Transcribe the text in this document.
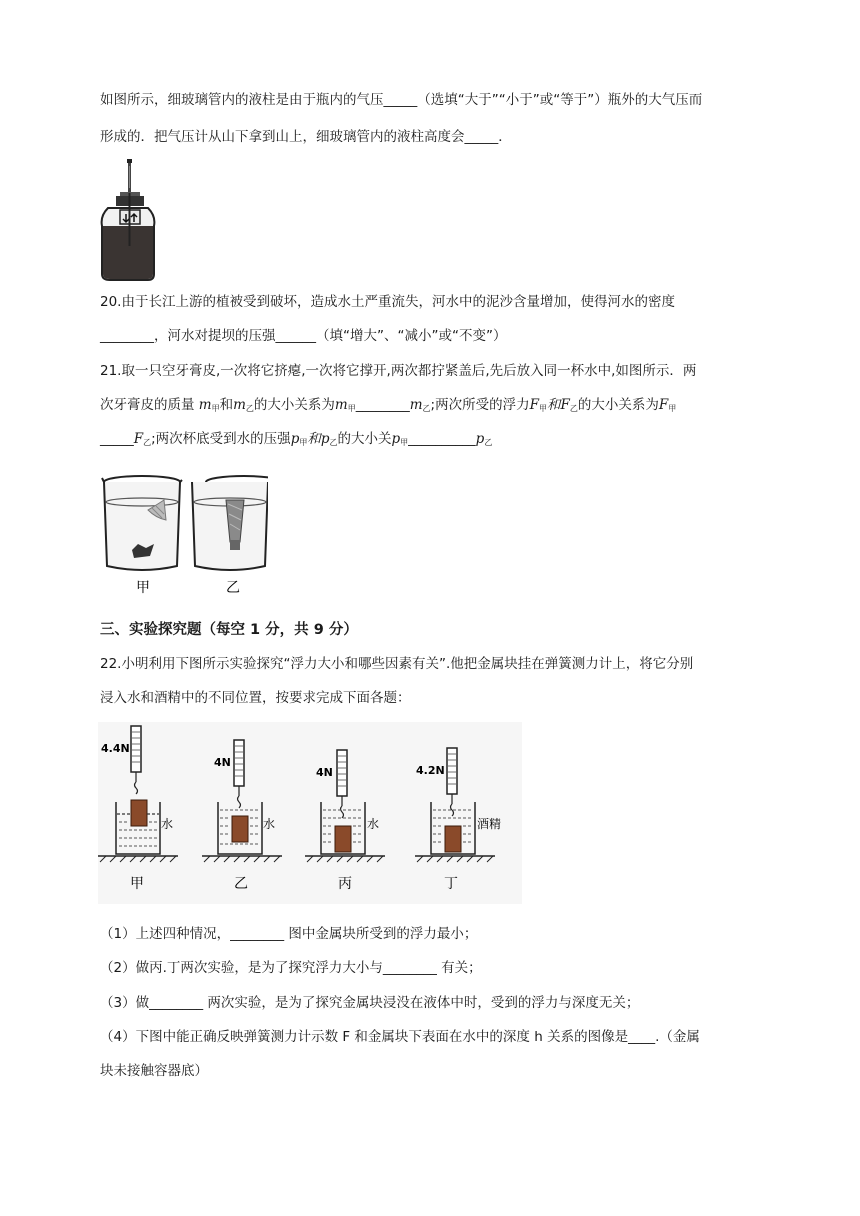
如图所示，细玻璃管内的液柱是由于瓶内的气压_____（选填“大于”“小于”或“等于”）瓶外的大气压而
形成的．把气压计从山下拿到山上，细玻璃管内的液柱高度会_____．
20.由于长江上游的植被受到破坏，造成水土严重流失，河水中的泥沙含量增加，使得河水的密度
________，河水对提坝的压强______（填“增大”、“减小”或“不变”）
21.取一只空牙膏皮,一次将它挤瘪,一次将它撑开,两次都拧紧盖后,先后放入同一杯水中,如图所示．两
次牙膏皮的质量 $m_甲$和$m_乙$的大小关系为$m_甲\_\_\_\_\_\_\_\_m_乙$;两次所受的浮力$F_甲$和$F_乙$的大小关系为$F_甲$
$\_\_\_\_\_F_乙$;两次杯底受到水的压强$p_甲$和$p_乙$的大小关$p_甲\_\_\_\_\_\_\_\_\_\_p_乙$
甲	乙
三、实验探究题（每空 1 分，共 9 分）
22.小明利用下图所示实验探究“浮力大小和哪些因素有关”.他把金属块挂在弹簧测力计上，将它分别
浸入水和酒精中的不同位置，按要求完成下面各题：
4.4N
水
甲
4N
水
乙
4N
水
丙
4.2N
酒精
丁
（1）上述四种情况，________ 图中金属块所受到的浮力最小；
（2）做丙.丁两次实验，是为了探究浮力大小与________ 有关；
（3）做________ 两次实验，是为了探究金属块浸没在液体中时，受到的浮力与深度无关；
（4）下图中能正确反映弹簧测力计示数 F 和金属块下表面在水中的深度 h 关系的图像是____.（金属
块未接触容器底）
